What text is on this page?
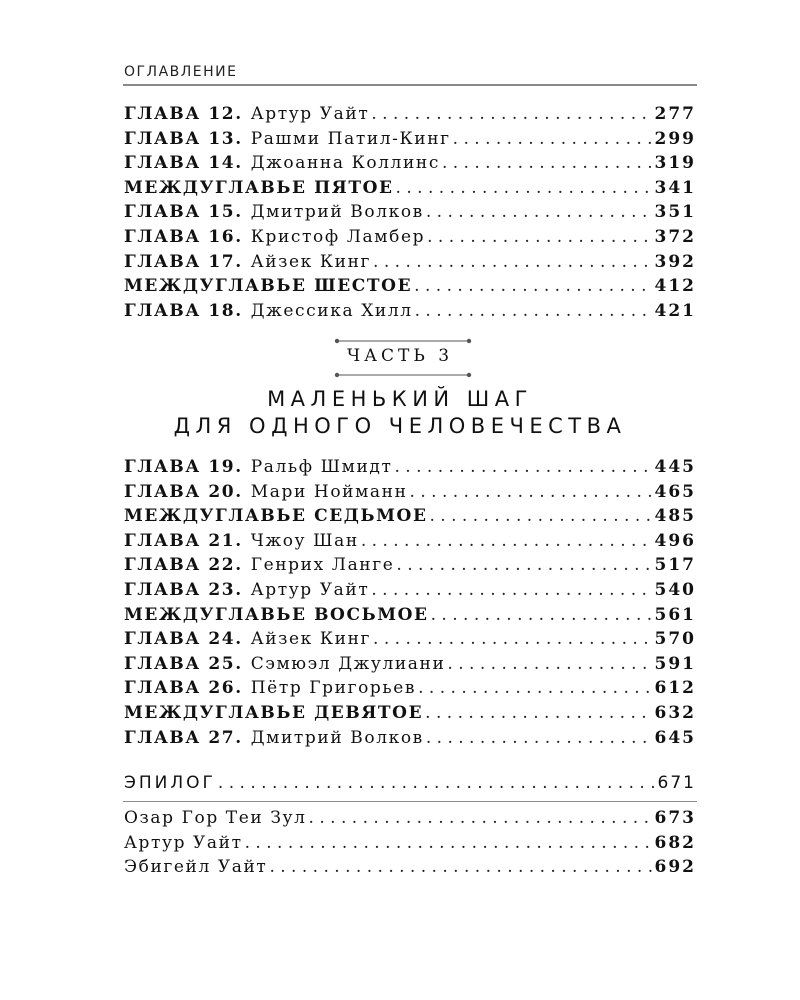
ОГЛАВЛЕНИЕ
ГЛАВА 12. Артур Уайт . . .	277
ГЛАВА 13. Рашми Патил-Кинг . . .	299
ГЛАВА 14. Джоанна Коллинс . . .	319
МЕЖДУГЛАВЬЕ ПЯТОЕ . . .	341
ГЛАВА 15. Дмитрий Волков . . .	351
ГЛАВА 16. Кристоф Ламбер . . .	372
ГЛАВА 17. Айзек Кинг . . .	392
МЕЖДУГЛАВЬЕ ШЕСТОЕ . . .	412
ГЛАВА 18. Джессика Хилл . . .	421
ЧАСТЬ 3
МАЛЕНЬКИЙ ШАГ
ДЛЯ ОДНОГО ЧЕЛОВЕЧЕСТВА
ГЛАВА 19. Ральф Шмидт . . .	445
ГЛАВА 20. Мари Нойманн . . .	465
МЕЖДУГЛАВЬЕ СЕДЬМОЕ . . .	485
ГЛАВА 21. Чжоу Шан . . .	496
ГЛАВА 22. Генрих Ланге . . .	517
ГЛАВА 23. Артур Уайт . . .	540
МЕЖДУГЛАВЬЕ ВОСЬМОЕ . . .	561
ГЛАВА 24. Айзек Кинг . . .	570
ГЛАВА 25. Сэмюэл Джулиани . . .	591
ГЛАВА 26. Пётр Григорьев . . .	612
МЕЖДУГЛАВЬЕ ДЕВЯТОЕ . . .	632
ГЛАВА 27. Дмитрий Волков . . .	645
ЭПИЛОГ . . .	671
Озар Гор Теи Зул . . .	673
Артур Уайт . . .	682
Эбигейл Уайт . . .	692
